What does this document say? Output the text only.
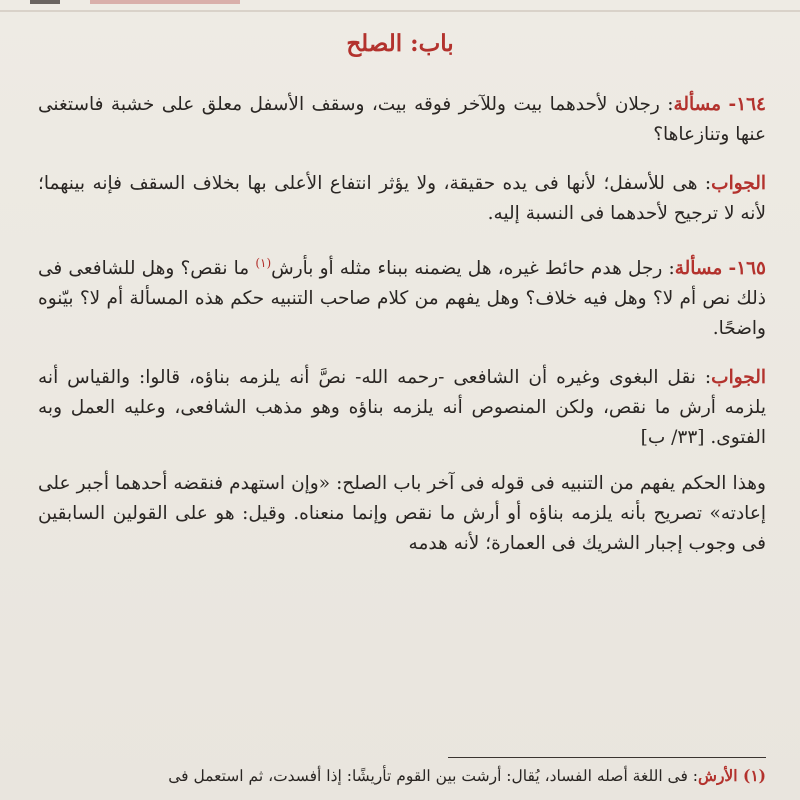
باب: الصلح

١٦٤- مسألة: رجلان لأحدهما بيت وللآخر فوقه بيت، وسقف الأسفل معلق على خشبة فاستغنى عنها وتنازعاها؟

الجواب: هى للأسفل؛ لأنها فى يده حقيقة، ولا يؤثر انتفاع الأعلى بها بخلاف السقف فإنه بينهما؛ لأنه لا ترجيح لأحدهما فى النسبة إليه.

١٦٥- مسألة: رجل هدم حائط غيره، هل يضمنه ببناء مثله أو بأرش$^{(١)}$ ما نقص؟ وهل للشافعى فى ذلك نص أم لا؟ وهل فيه خلاف؟ وهل يفهم من كلام صاحب التنبيه حكم هذه المسألة أم لا؟ بيّنوه واضحًا.

الجواب: نقل البغوى وغيره أن الشافعى -رحمه الله- نصَّ أنه يلزمه بناؤه، قالوا: والقياس أنه يلزمه أرش ما نقص، ولكن المنصوص أنه يلزمه بناؤه وهو مذهب الشافعى، وعليه العمل وبه الفتوى. [٣٣/ ب]

وهذا الحكم يفهم من التنبيه فى قوله فى آخر باب الصلح: «وإن استهدم فنقضه أحدهما أجبر على إعادته» تصريح بأنه يلزمه بناؤه أو أرش ما نقص وإنما منعناه. وقيل: هو على القولين السابقين فى وجوب إجبار الشريك فى العمارة؛ لأنه هدمه

(١) الأرش: فى اللغة أصله الفساد، يُقال: أرشت بين القوم تأريشًا: إذا أفسدت، ثم استعمل فى
